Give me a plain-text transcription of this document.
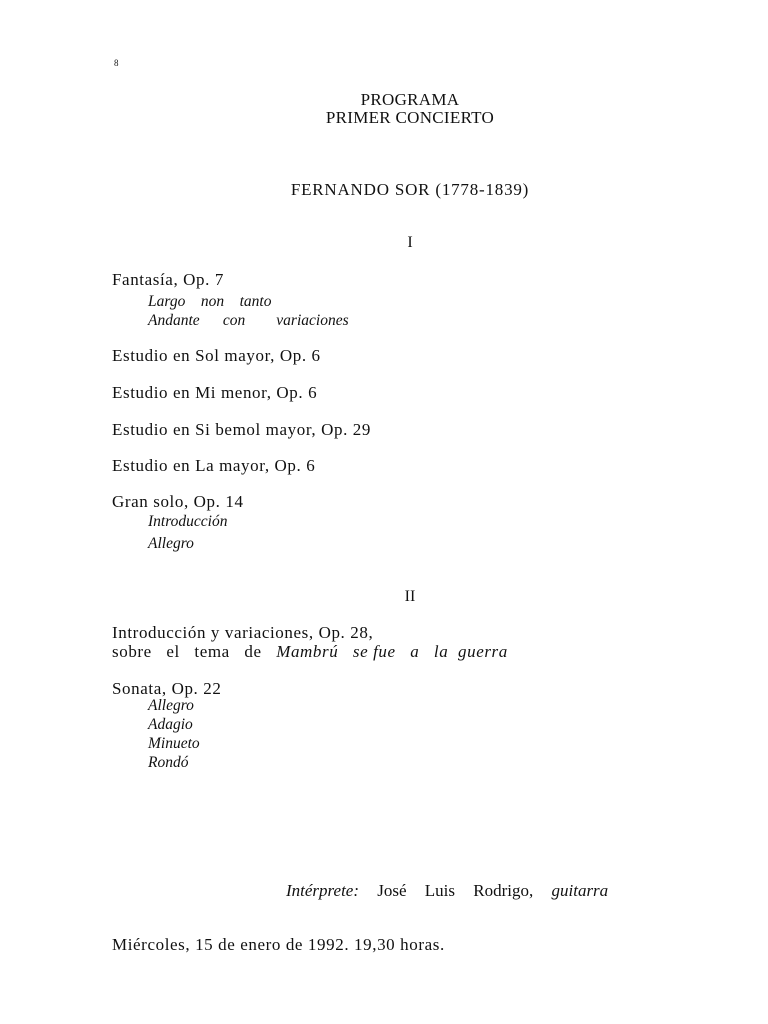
8
PROGRAMA
PRIMER CONCIERTO
FERNANDO SOR (1778-1839)
I
Fantasía, Op. 7
Largo    non    tanto
Andante      con        variaciones
Estudio en Sol mayor, Op. 6
Estudio en Mi menor, Op. 6
Estudio en Si bemol mayor, Op. 29
Estudio en La mayor, Op. 6
Gran solo, Op. 14
Introducción
Allegro
II
Introducción y variaciones, Op. 28,
sobre   el   tema   de Mambrú   se fue   a   la  guerra
Sonata, Op. 22
Allegro
Adagio
Minueto
Rondó
Intérprete: José Luis Rodrigo, guitarra
Miércoles, 15 de enero de 1992. 19,30 horas.
